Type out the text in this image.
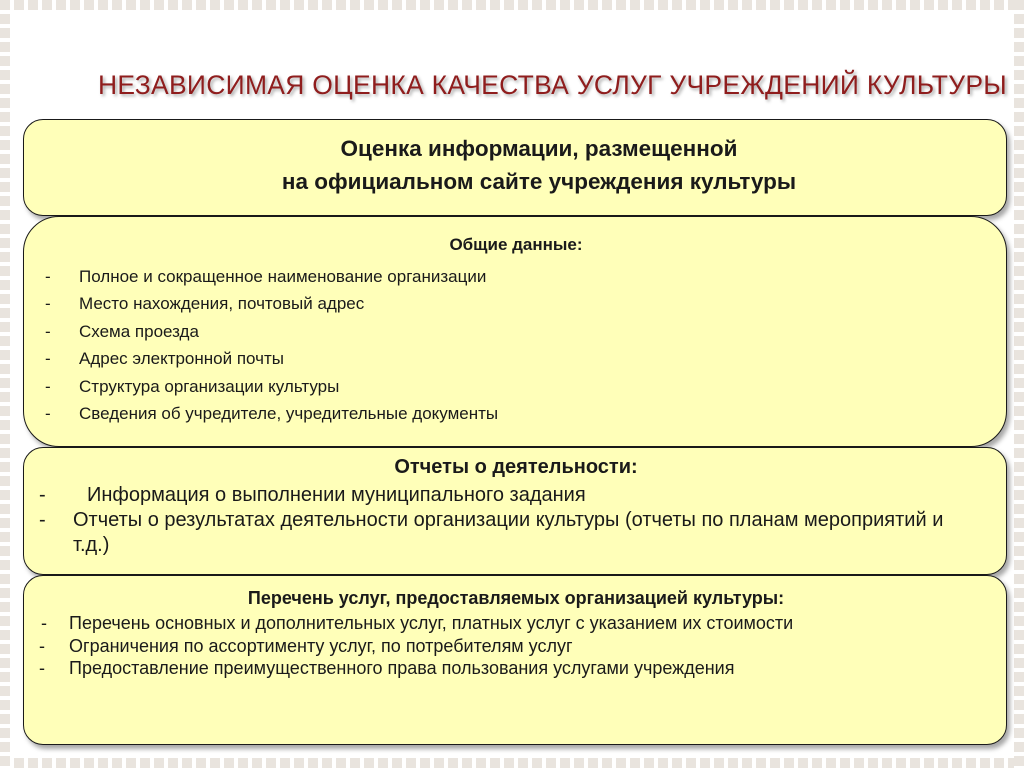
НЕЗАВИСИМАЯ ОЦЕНКА КАЧЕСТВА УСЛУГ УЧРЕЖДЕНИЙ КУЛЬТУРЫ
Оценка информации, размещенной
на официальном сайте учреждения культуры
Общие данные:
- Полное и сокращенное наименование организации
- Место нахождения, почтовый адрес
- Схема проезда
- Адрес электронной почты
- Структура организации культуры
- Сведения об учредителе, учредительные документы
Отчеты о деятельности:
- Информация о выполнении муниципального задания
- Отчеты о результатах деятельности организации культуры (отчеты по планам мероприятий и т.д.)
Перечень услуг, предоставляемых организацией культуры:
- Перечень основных и дополнительных услуг, платных услуг с указанием их стоимости
- Ограничения по ассортименту услуг, по потребителям услуг
- Предоставление преимущественного права пользования услугами учреждения
